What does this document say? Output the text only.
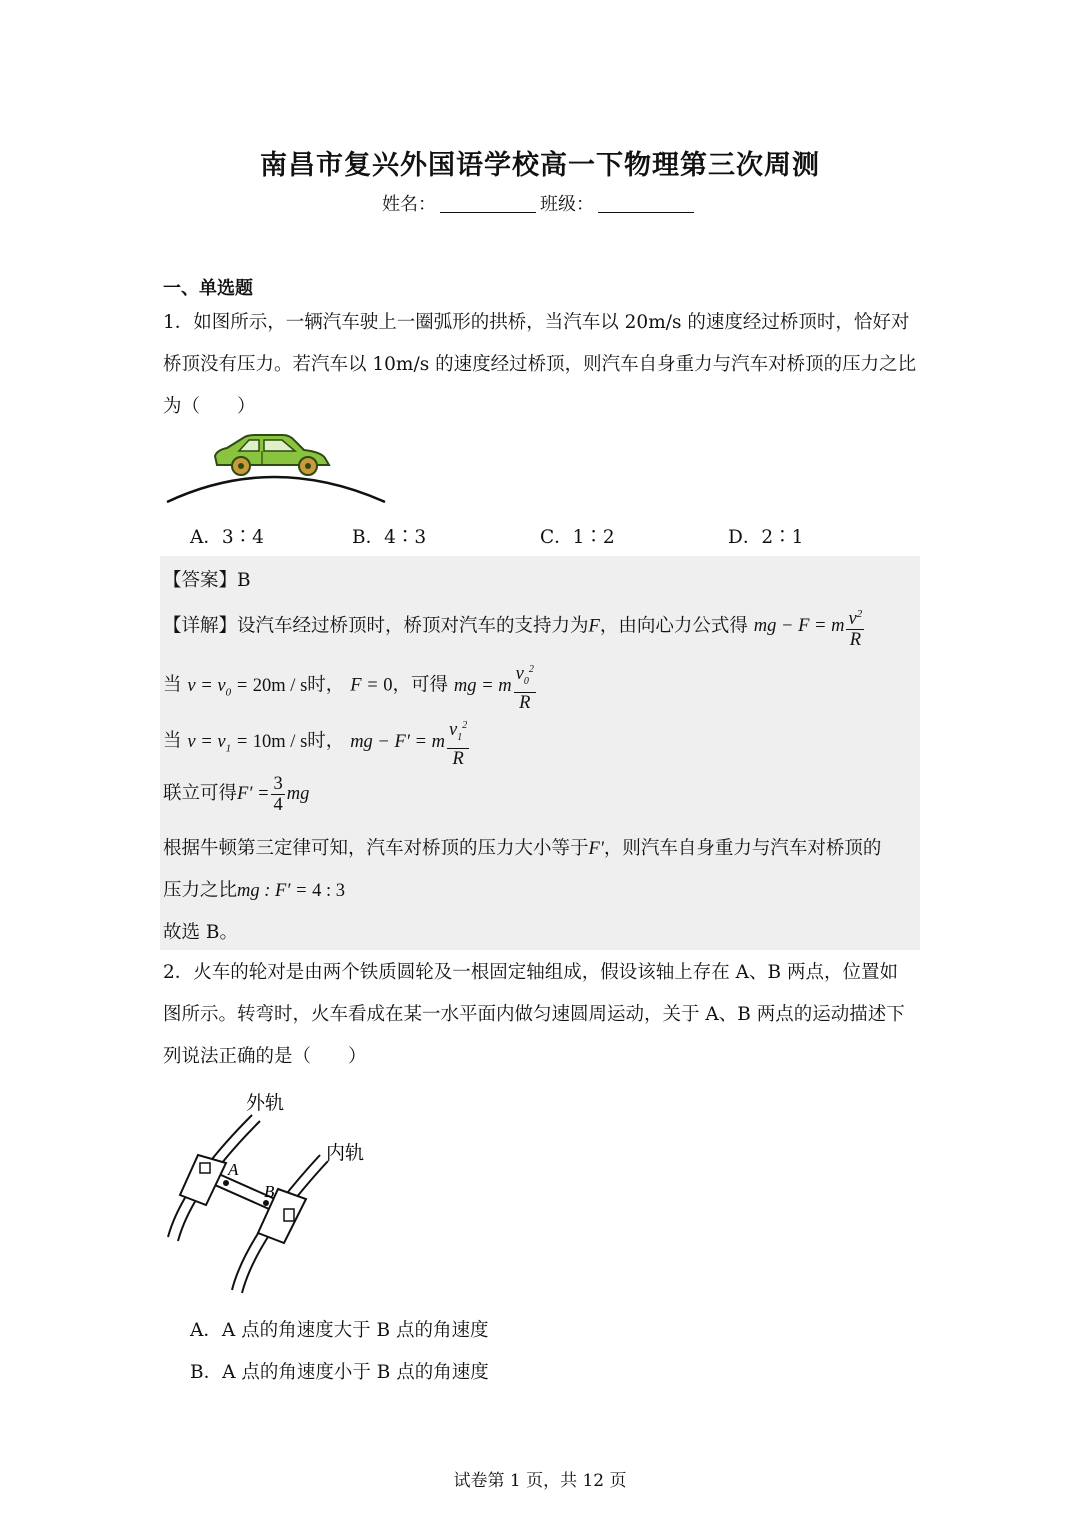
南昌市复兴外国语学校高一下物理第三次周测
姓名：	班级：
一、单选题
1．如图所示，一辆汽车驶上一圈弧形的拱桥，当汽车以 20m/s 的速度经过桥顶时，恰好对
桥顶没有压力。若汽车以 10m/s 的速度经过桥顶，则汽车自身重力与汽车对桥顶的压力之比
为（　　）
A．3∶4	B．4∶3	C．1∶2	D．2∶1
【答案】B
【详解】设汽车经过桥顶时，桥顶对汽车的支持力为F，由向心力公式得 mg − F = m $\frac{v^2}{R}$
当 $v = v_0 = 20m / s$时， F = 0，可得 mg = m $\frac{v_0^2}{R}$
当 $v = v_1 = 10m / s$时， mg − F′ = m $\frac{v_1^2}{R}$
联立可得$F' = \frac{3}{4}$ mg
根据牛顿第三定律可知，汽车对桥顶的压力大小等于F′，则汽车自身重力与汽车对桥顶的
压力之比mg : F′ = 4 : 3
故选 B。
2．火车的轮对是由两个铁质圆轮及一根固定轴组成，假设该轴上存在 A、B 两点，位置如
图所示。转弯时，火车看成在某一水平面内做匀速圆周运动，关于 A、B 两点的运动描述下
列说法正确的是（　　）
外轨
内轨
A
B
A．A 点的角速度大于 B 点的角速度
B．A 点的角速度小于 B 点的角速度
试卷第 1 页，共 12 页
